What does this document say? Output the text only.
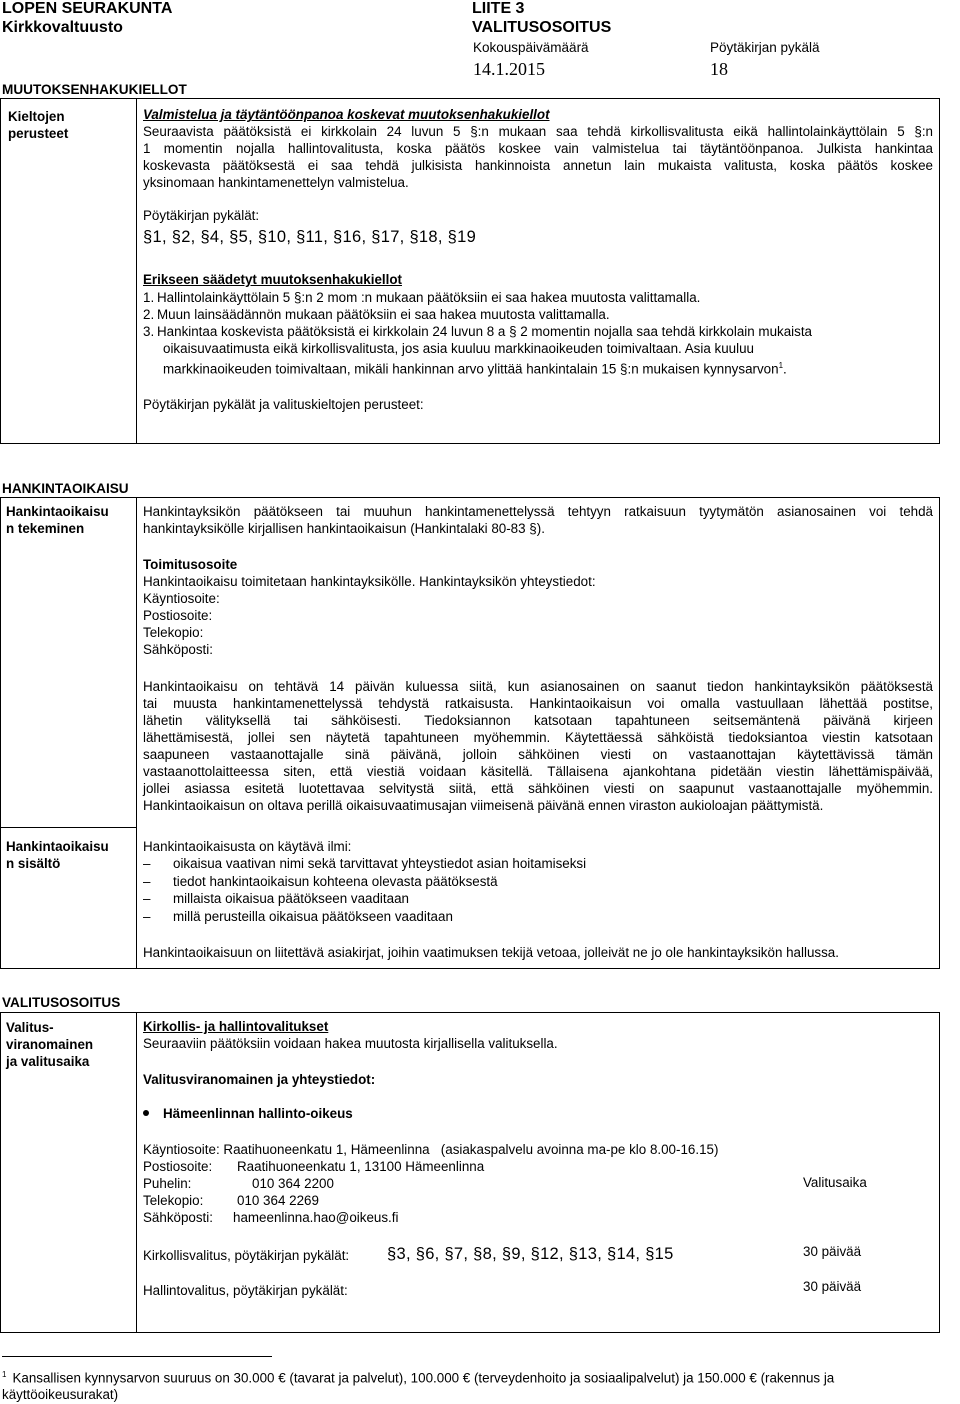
LOPEN SEURAKUNTA
Kirkkovaltuusto
LIITE 3
VALITUSOSOITUS
Kokouspäivämäärä	Pöytäkirjan pykälä
14.1.2015	18
MUUTOKSENHAKUKIELLOT
Kieltojen
perusteet
Valmistelua ja täytäntöönpanoa koskevat muutoksenhakukiellot
Seuraavista päätöksistä ei kirkkolain 24 luvun 5 §:n mukaan saa tehdä kirkollisvalitusta eikä hallintolainkäyttölain 5 §:n
1 momentin nojalla hallintovalitusta, koska päätös koskee vain valmistelua tai täytäntöönpanoa. Julkista hankintaa
koskevasta päätöksestä ei saa tehdä julkisista hankinnoista annetun lain mukaista valitusta, koska päätös koskee
yksinomaan hankintamenettelyn valmistelua.
Pöytäkirjan pykälät:
§1, §2, §4, §5, §10, §11, §16, §17, §18, §19
Erikseen säädetyt muutoksenhakukiellot
1. Hallintolainkäyttölain 5 §:n 2 mom :n mukaan päätöksiin ei saa hakea muutosta valittamalla.
2. Muun lainsäädännön mukaan päätöksiin ei saa hakea muutosta valittamalla.
3. Hankintaa koskevista päätöksistä ei kirkkolain 24 luvun 8 a § 2 momentin nojalla saa tehdä kirkkolain mukaista
oikaisuvaatimusta eikä kirkollisvalitusta, jos asia kuuluu markkinaoikeuden toimivaltaan. Asia kuuluu
markkinaoikeuden toimivaltaan, mikäli hankinnan arvo ylittää hankintalain 15 §:n mukaisen kynnysarvon$^1$.
Pöytäkirjan pykälät ja valituskieltojen perusteet:
HANKINTAOIKAISU
Hankintaoikaisu
n tekeminen
Hankintayksikön päätökseen tai muuhun hankintamenettelyssä tehtyyn ratkaisuun tyytymätön asianosainen voi tehdä
hankintayksikölle kirjallisen hankintaoikaisun (Hankintalaki 80-83 §).
Toimitusosoite
Hankintaoikaisu toimitetaan hankintayksikölle. Hankintayksikön yhteystiedot:
Käyntiosoite:
Postiosoite:
Telekopio:
Sähköposti:
Hankintaoikaisu on tehtävä 14 päivän kuluessa siitä, kun asianosainen on saanut tiedon hankintayksikön päätöksestä
tai muusta hankintamenettelyssä tehdystä ratkaisusta. Hankintaoikaisun voi omalla vastuullaan lähettää postitse,
lähetin välityksellä tai sähköisesti. Tiedoksiannon katsotaan tapahtuneen seitsemäntenä päivänä kirjeen
lähettämisestä, jollei sen näytetä tapahtuneen myöhemmin. Käytettäessä sähköistä tiedoksiantoa viestin katsotaan
saapuneen vastaanottajalle sinä päivänä, jolloin sähköinen viesti on vastaanottajan käytettävissä tämän
vastaanottolaitteessa siten, että viestiä voidaan käsitellä. Tällaisena ajankohtana pidetään viestin lähettämispäivää,
jollei asiassa esitetä luotettavaa selvitystä siitä, että sähköinen viesti on saapunut vastaanottajalle myöhemmin.
Hankintaoikaisun on oltava perillä oikaisuvaatimusajan viimeisenä päivänä ennen viraston aukioloajan päättymistä.
Hankintaoikaisu
n sisältö
Hankintaoikaisusta on käytävä ilmi:
– oikaisua vaativan nimi sekä tarvittavat yhteystiedot asian hoitamiseksi
– tiedot hankintaoikaisun kohteena olevasta päätöksestä
– millaista oikaisua päätökseen vaaditaan
– millä perusteilla oikaisua päätökseen vaaditaan
Hankintaoikaisuun on liitettävä asiakirjat, joihin vaatimuksen tekijä vetoaa, jolleivät ne jo ole hankintayksikön hallussa.
VALITUSOSOITUS
Valitus-
viranomainen
ja valitusaika
Kirkollis- ja hallintovalitukset
Seuraaviin päätöksiin voidaan hakea muutosta kirjallisella valituksella.
Valitusviranomainen ja yhteystiedot:
Hämeenlinnan hallinto-oikeus
Käyntiosoite: Raatihuoneenkatu 1, Hämeenlinna   (asiakaspalvelu avoinna ma-pe klo 8.00-16.15)
Postiosoite: Raatihuoneenkatu 1, 13100 Hämeenlinna
Puhelin:	010 364 2200
Telekopio:	010 364 2269
Sähköposti: hameenlinna.hao@oikeus.fi
Valitusaika
Kirkollisvalitus, pöytäkirjan pykälät: §3, §6, §7, §8, §9, §12, §13, §14, §15	30 päivää
Hallintovalitus, pöytäkirjan pykälät:	30 päivää
$^1$ Kansallisen kynnysarvon suuruus on 30.000 € (tavarat ja palvelut), 100.000 € (terveydenhoito ja sosiaalipalvelut) ja 150.000 € (rakennus ja
käyttöoikeusurakat)
